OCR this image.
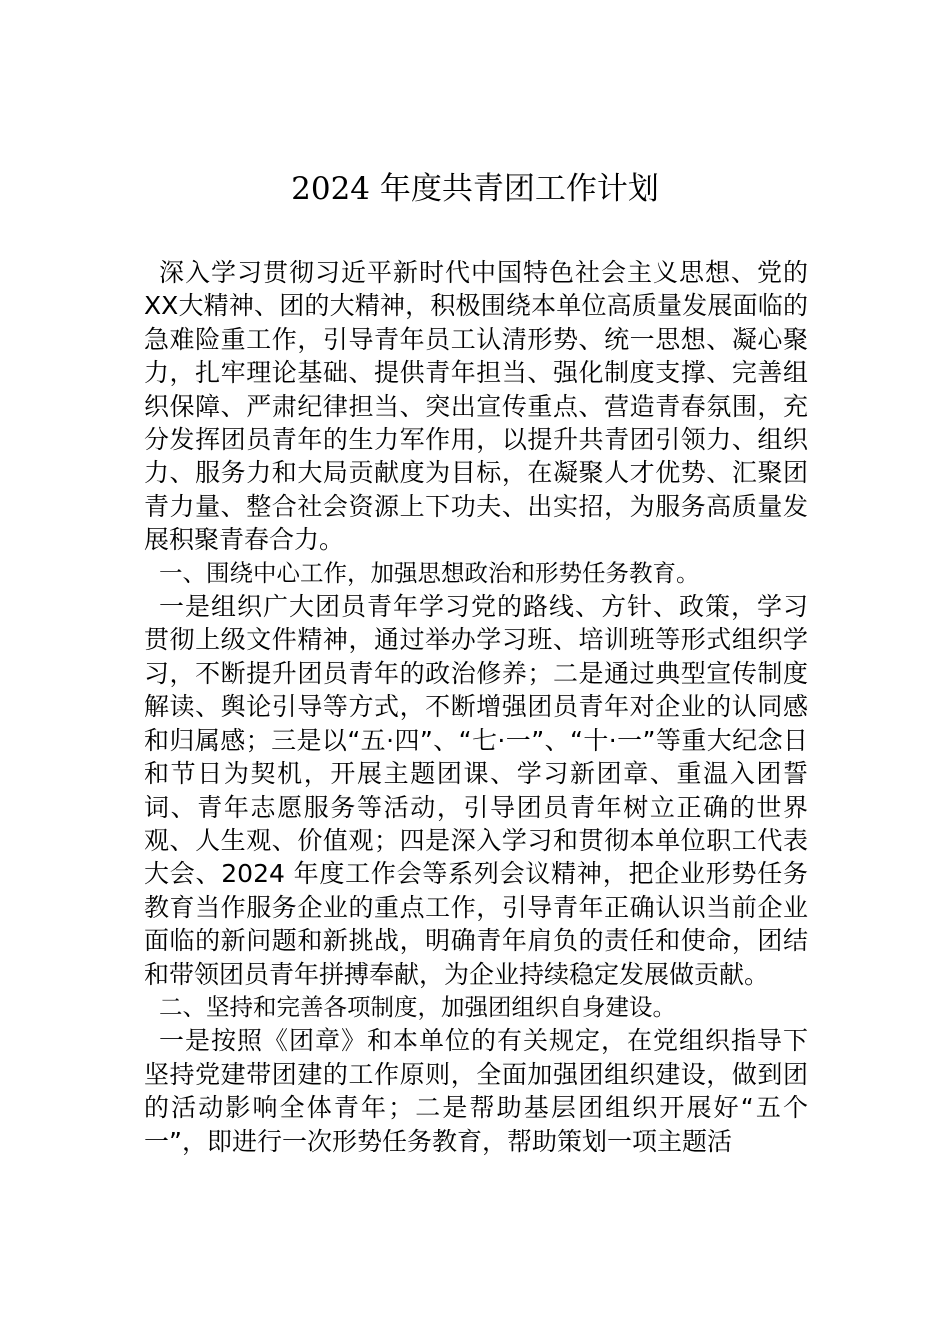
2024 年度共青团工作计划

深入学习贯彻习近平新时代中国特色社会主义思想、党的XX大精神、团的大精神，积极围绕本单位高质量发展面临的急难险重工作，引导青年员工认清形势、统一思想、凝心聚力，扎牢理论基础、提供青年担当、强化制度支撑、完善组织保障、严肃纪律担当、突出宣传重点、营造青春氛围，充分发挥团员青年的生力军作用，以提升共青团引领力、组织力、服务力和大局贡献度为目标，在凝聚人才优势、汇聚团青力量、整合社会资源上下功夫、出实招，为服务高质量发展积聚青春合力。

一、围绕中心工作，加强思想政治和形势任务教育。

一是组织广大团员青年学习党的路线、方针、政策，学习贯彻上级文件精神，通过举办学习班、培训班等形式组织学习，不断提升团员青年的政治修养；二是通过典型宣传制度解读、舆论引导等方式，不断增强团员青年对企业的认同感和归属感；三是以“五·四”、“七·一”、“十·一”等重大纪念日和节日为契机，开展主题团课、学习新团章、重温入团誓词、青年志愿服务等活动，引导团员青年树立正确的世界观、人生观、价值观；四是深入学习和贯彻本单位职工代表大会、2024 年度工作会等系列会议精神，把企业形势任务教育当作服务企业的重点工作，引导青年正确认识当前企业面临的新问题和新挑战，明确青年肩负的责任和使命，团结和带领团员青年拼搏奉献，为企业持续稳定发展做贡献。

二、坚持和完善各项制度，加强团组织自身建设。

一是按照《团章》和本单位的有关规定，在党组织指导下坚持党建带团建的工作原则，全面加强团组织建设，做到团的活动影响全体青年；二是帮助基层团组织开展好“五个一”，即进行一次形势任务教育，帮助策划一项主题活
